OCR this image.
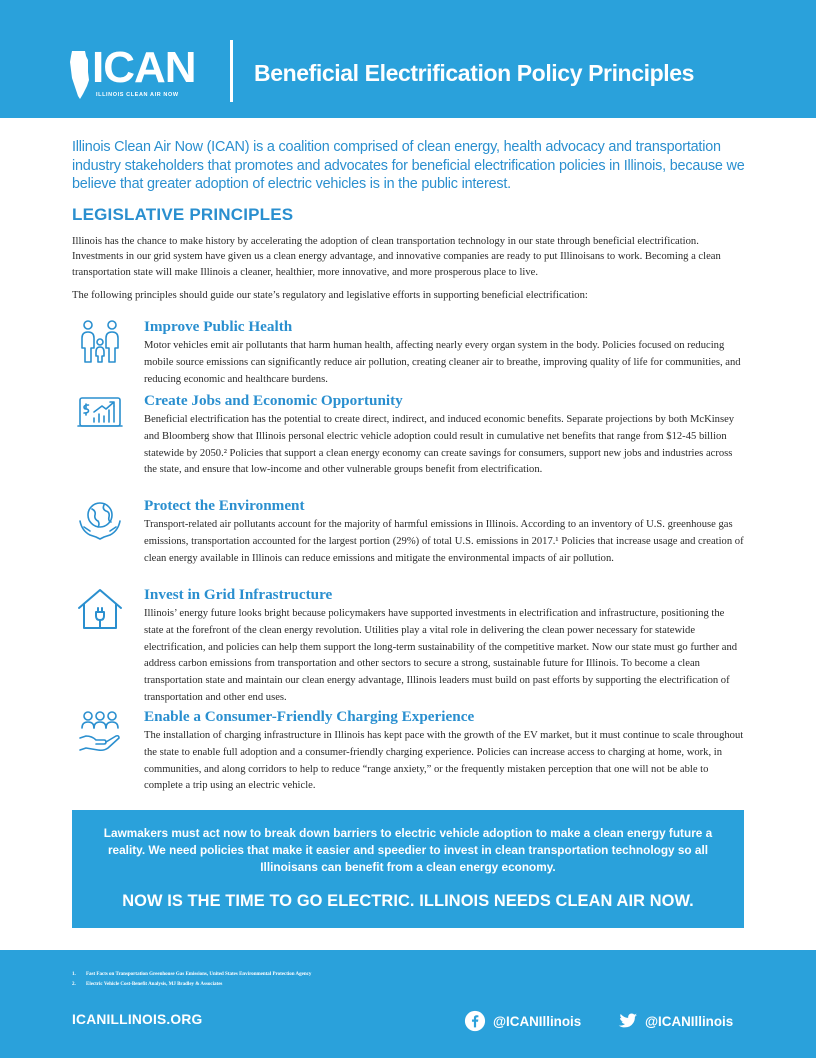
ICAN
ILLINOIS CLEAN AIR NOW
Beneficial Electrification Policy Principles

Illinois Clean Air Now (ICAN) is a coalition comprised of clean energy, health advocacy and transportation industry stakeholders that promotes and advocates for beneficial electrification policies in Illinois, because we believe that greater adoption of electric vehicles is in the public interest.

LEGISLATIVE PRINCIPLES

Illinois has the chance to make history by accelerating the adoption of clean transportation technology in our state through beneficial electrification. Investments in our grid system have given us a clean energy advantage, and innovative companies are ready to put Illinoisans to work. Becoming a clean transportation state will make Illinois a cleaner, healthier, more innovative, and more prosperous place to live.

The following principles should guide our state’s regulatory and legislative efforts in supporting beneficial electrification:

Improve Public Health

Motor vehicles emit air pollutants that harm human health, affecting nearly every organ system in the body. Policies focused on reducing mobile source emissions can significantly reduce air pollution, creating cleaner air to breathe, improving quality of life for communities, and reducing economic and healthcare burdens.

Create Jobs and Economic Opportunity

Beneficial electrification has the potential to create direct, indirect, and induced economic benefits. Separate projections by both McKinsey and Bloomberg show that Illinois personal electric vehicle adoption could result in cumulative net benefits that range from $12-45 billion statewide by 2050.² Policies that support a clean energy economy can create savings for consumers, support new jobs and industries across the state, and ensure that low-income and other vulnerable groups benefit from electrification.

Protect the Environment

Transport-related air pollutants account for the majority of harmful emissions in Illinois. According to an inventory of U.S. greenhouse gas emissions, transportation accounted for the largest portion (29%) of total U.S. emissions in 2017.¹ Policies that increase usage and creation of clean energy available in Illinois can reduce emissions and mitigate the environmental impacts of air pollution.

Invest in Grid Infrastructure

Illinois’ energy future looks bright because policymakers have supported investments in electrification and infrastructure, positioning the state at the forefront of the clean energy revolution. Utilities play a vital role in delivering the clean power necessary for statewide electrification, and policies can help them support the long-term sustainability of the competitive market. Now our state must go further and address carbon emissions from transportation and other sectors to secure a strong, sustainable future for Illinois. To become a clean transportation state and maintain our clean energy advantage, Illinois leaders must build on past efforts by supporting the electrification of transportation and other end uses.

Enable a Consumer-Friendly Charging Experience

The installation of charging infrastructure in Illinois has kept pace with the growth of the EV market, but it must continue to scale throughout the state to enable full adoption and a consumer-friendly charging experience. Policies can increase access to charging at home, work, in communities, and along corridors to help to reduce “range anxiety,” or the frequently mistaken perception that one will not be able to complete a trip using an electric vehicle.

Lawmakers must act now to break down barriers to electric vehicle adoption to make a clean energy future a reality. We need policies that make it easier and speedier to invest in clean transportation technology so all Illinoisans can benefit from a clean energy economy.

NOW IS THE TIME TO GO ELECTRIC. ILLINOIS NEEDS CLEAN AIR NOW.

1. Fast Facts on Transportation Greenhouse Gas Emissions, United States Environmental Protection Agency
2. Electric Vehicle Cost-Benefit Analysis, MJ Bradley & Associates
ICANILLINOIS.ORG	@ICANIllinois	@ICANIllinois
